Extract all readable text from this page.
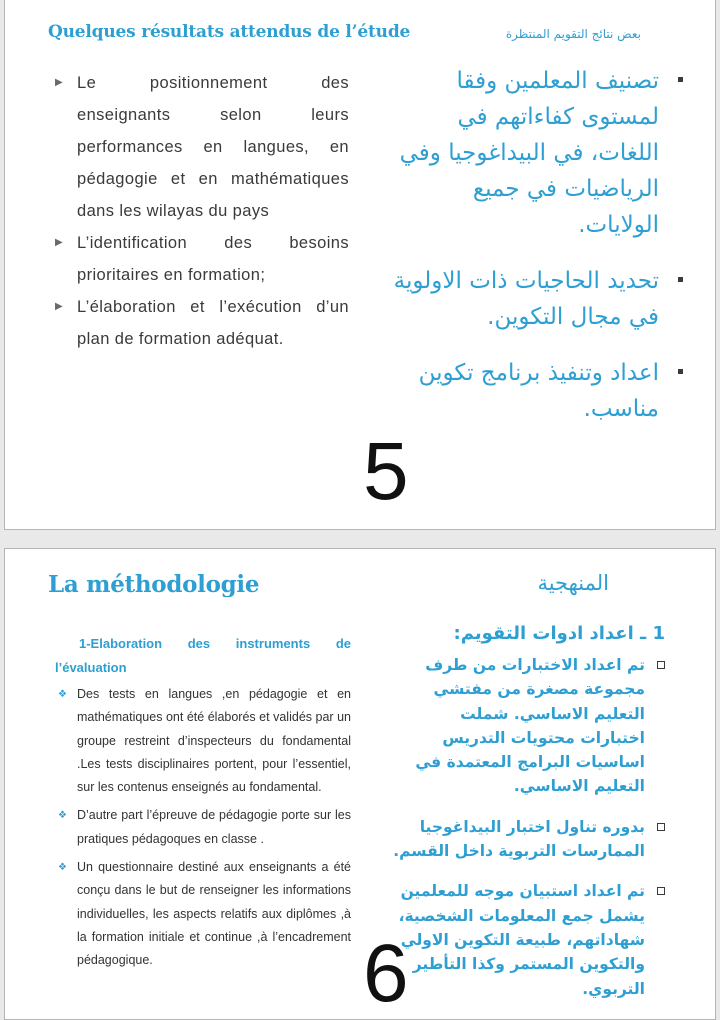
Quelques résultats attendus de l’étude	بعض نتائج التقويم المنتظرة
▶ Le positionnement des enseignants selon leurs performances en langues, en pédagogie et en mathématiques dans les wilayas du pays
▶ L’identification des besoins prioritaires en formation;
▶ L’élaboration et l’exécution d’un plan de formation adéquat.
تصنيف المعلمين وفقا لمستوى كفاءاتهم في اللغات، في البيداغوجيا وفي الرياضيات في جميع الولايات.
تحديد الحاجيات ذات الاولوية في مجال التكوين.
اعداد وتنفيذ برنامج تكوين مناسب.
5
La méthodologie	المنهجية
1-Elaboration des instruments de l’évaluation
❖ Des tests en langues ,en pédagogie et en mathématiques ont été élaborés et validés par un groupe restreint d’inspecteurs du fondamental .Les tests disciplinaires portent, pour l’essentiel, sur les contenus enseignés au fondamental.
❖ D’autre part l’épreuve de pédagogie porte sur les pratiques pédagoques en classe .
❖ Un questionnaire destiné aux enseignants a été conçu dans le but de renseigner les informations individuelles, les aspects relatifs aux diplômes ,à la formation initiale et continue ,à l’encadrement pédagogique.
1 ـ اعداد ادوات التقويم:
تم اعداد الاختبارات من طرف مجموعة مصغرة من مفتشي التعليم الاساسي. شملت اختبارات محتويات التدريس اساسيات البرامج المعتمدة في التعليم الاساسي.
بدوره تناول اختبار البيداغوجيا الممارسات التربوية داخل القسم.
تم اعداد استبيان موجه للمعلمين يشمل جمع المعلومات الشخصية، شهاداتهم، طبيعة التكوين الاولي والتكوين المستمر وكذا التأطير التربوي.
6
